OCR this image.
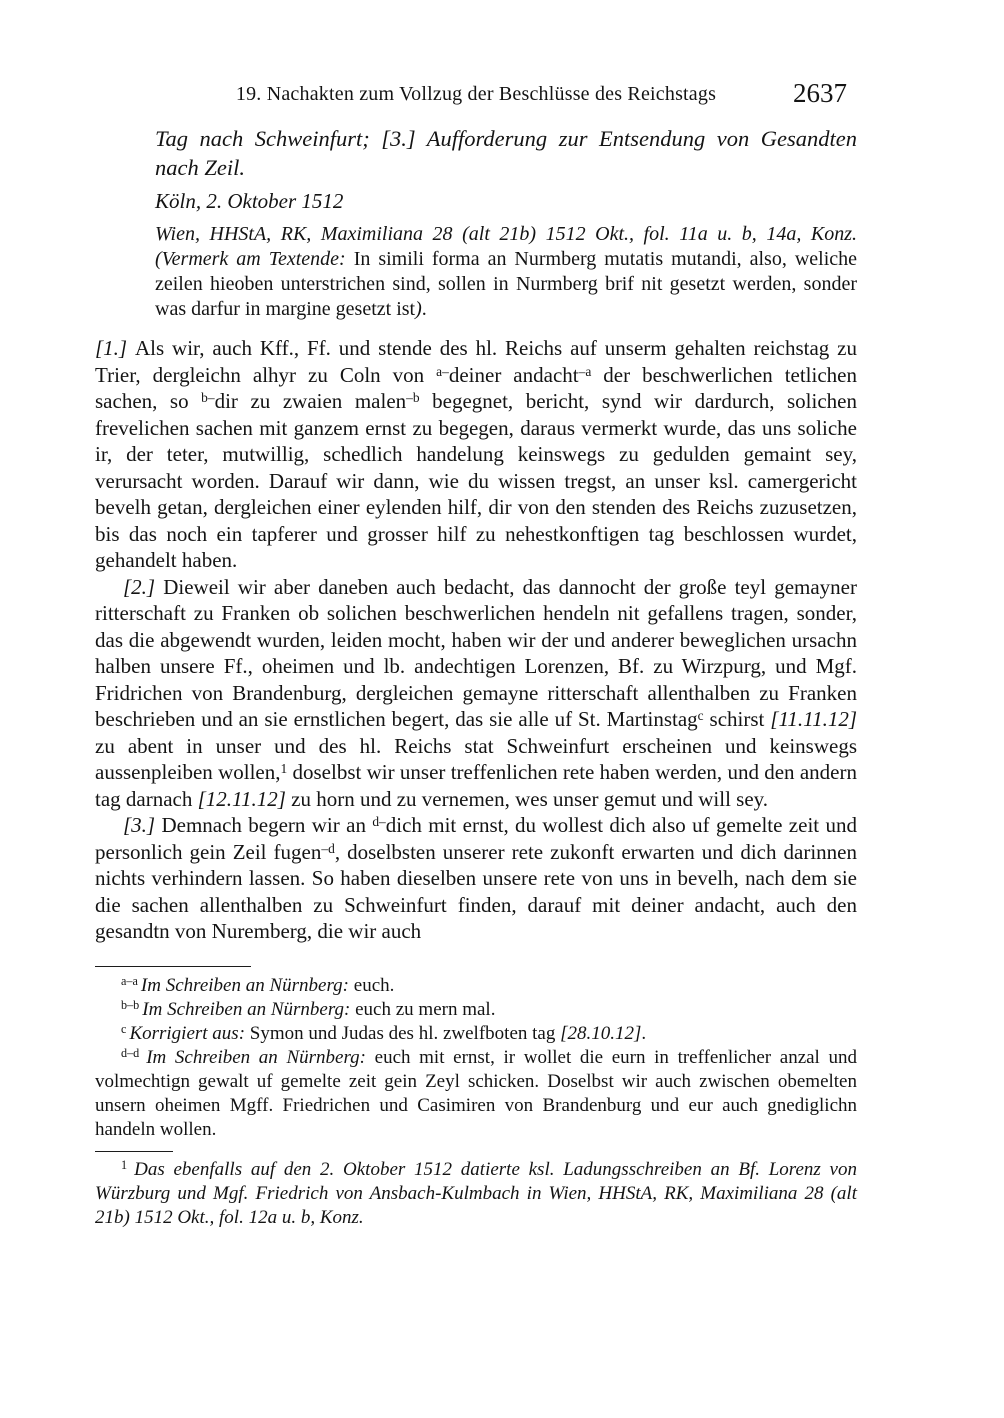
19. Nachakten zum Vollzug der Beschlüsse des Reichstags	2637

Tag nach Schweinfurt; [3.] Aufforderung zur Entsendung von Gesandten nach Zeil.

Köln, 2. Oktober 1512

Wien, HHStA, RK, Maximiliana 28 (alt 21b) 1512 Okt., fol. 11a u. b, 14a, Konz. (Vermerk am Textende: In simili forma an Nurmberg mutatis mutandi, also, weliche zeilen hieoben unterstrichen sind, sollen in Nurmberg brif nit gesetzt werden, sonder was darfur in margine gesetzt ist).

[1.] Als wir, auch Kff., Ff. und stende des hl. Reichs auf unserm gehalten reichstag zu Trier, dergleichn alhyr zu Coln von $^{a-}$deiner andacht$^{-a}$ der beschwerlichen tetlichen sachen, so $^{b-}$dir zu zwaien malen$^{-b}$ begegnet, bericht, synd wir dardurch, solichen frevelichen sachen mit ganzem ernst zu begegen, daraus vermerkt wurde, das uns soliche ir, der teter, mutwillig, schedlich handelung keinswegs zu gedulden gemaint sey, verursacht worden. Darauf wir dann, wie du wissen tregst, an unser ksl. camergericht bevelh getan, dergleichen einer eylenden hilf, dir von den stenden des Reichs zuzusetzen, bis das noch ein tapferer und grosser hilf zu nehestkonftigen tag beschlossen wurdet, gehandelt haben.

[2.] Dieweil wir aber daneben auch bedacht, das dannocht der große teyl gemayner ritterschaft zu Franken ob solichen beschwerlichen hendeln nit gefallens tragen, sonder, das die abgewendt wurden, leiden mocht, haben wir der und anderer beweglichen ursachn halben unsere Ff., oheimen und lb. andechtigen Lorenzen, Bf. zu Wirzpurg, und Mgf. Fridrichen von Brandenburg, dergleichen gemayne ritterschaft allenthalben zu Franken beschrieben und an sie ernstlichen begert, das sie alle uf St. Martinstag$^c$ schirst [11.11.12] zu abent in unser und des hl. Reichs stat Schweinfurt erscheinen und keinswegs aussenpleiben wollen,$^1$ doselbst wir unser treffenlichen rete haben werden, und den andern tag darnach [12.11.12] zu horn und zu vernemen, wes unser gemut und will sey.

[3.] Demnach begern wir an $^{d-}$dich mit ernst, du wollest dich also uf gemelte zeit und personlich gein Zeil fugen$^{-d}$, doselbsten unserer rete zukonft erwarten und dich darinnen nichts verhindern lassen. So haben dieselben unsere rete von uns in bevelh, nach dem sie die sachen allenthalben zu Schweinfurt finden, darauf mit deiner andacht, auch den gesandtn von Nuremberg, die wir auch

$^{a-a}$ Im Schreiben an Nürnberg: euch.

$^{b-b}$ Im Schreiben an Nürnberg: euch zu mern mal.

$^c$ Korrigiert aus: Symon und Judas des hl. zwelfboten tag [28.10.12].

$^{d-d}$ Im Schreiben an Nürnberg: euch mit ernst, ir wollet die eurn in treffenlicher anzal und volmechtign gewalt uf gemelte zeit gein Zeyl schicken. Doselbst wir auch zwischen obemelten unsern oheimen Mgff. Friedrichen und Casimiren von Brandenburg und eur auch gnediglichn handeln wollen.

$^1$ Das ebenfalls auf den 2. Oktober 1512 datierte ksl. Ladungsschreiben an Bf. Lorenz von Würzburg und Mgf. Friedrich von Ansbach-Kulmbach in Wien, HHStA, RK, Maximiliana 28 (alt 21b) 1512 Okt., fol. 12a u. b, Konz.
